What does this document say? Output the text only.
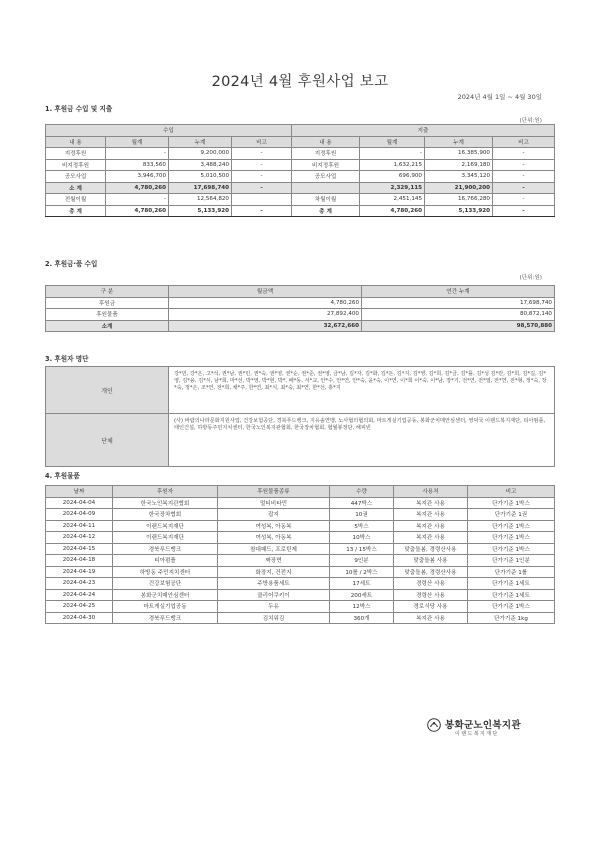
2024년 4월 후원사업 보고
2024년 4월 1일 ~ 4월 30일
1. 후원금 수입 및 지출
(단위:원)
수입				지출			
내 용	월계	누계	비고	내 용	월계	누계	비고
지정후원	-	9,200,000	-	지정후원	-	16,385,900	-
비지정후원	833,560	3,488,240	-	비지정후원	1,632,215	2,169,180	-
공모사업	3,946,700	5,010,500	-	공모사업	696,900	3,345,120	-
소 계	4,780,260	17,698,740	-		2,329,115	21,900,200	-
전월이월	-	12,564,820		차월이월	2,451,145	16,766,280	-
총 계	4,780,260	5,133,920	-	총 계	4,780,260	5,133,920	-
2. 후원금·품 수입
(단위:원)
구 분	월금액	연간 누계
후원금	4,780,260	17,698,740
후원물품	27,892,400	80,872,140
소계	32,672,660	98,570,880
3. 후원자 명단
개인	강*민, 강*은, 고*석, 권*남, 권*민, 권*숙, 권*영, 권*순, 권*준, 권*영, 금*남, 김*자, 김*화, 김*돈, 김*지, 김*영, 김*희, 김*금, 김*률, 김*성 김*란, 김*희, 김*길, 김*영, 김*용, 김*식, 남*희, 마*선, 박*영, 박*현, 박*, 배*동, 서*교, 안*수, 안*연, 안*숙, 윤*숙, 이*연, 이*희 이*숙, 이*남, 장*기, 전*연, 전*열, 전*연, 전*형, 정*숙, 장*숙, 정*은, 조*연, 전*희, 채*주, 한*연, 최*식, 최*숙, 최*연, 한*선, 홍*지
단체	(사) 바람의나라문화지원사업, 건강보험공단, 경북푸드뱅크, 지유솔연맹, 노사협의협의회, 마트게실기업공동, 봉화군치매안심센터, 영덕국 이랜드복지재단, 티아펌플, 태인건설, 하방동주민지치센터, 한국노인복지관협회, 한국장차협회, 협월봉정단, 해피빈
4. 후원물품
날짜	후원자	후원물품종류	수량	사용처	비고
2024-04-04	한국노인복지관협회	멀티비타민	447박스	복지관 사용	단가기준 1박스
2024-04-09	한국장차협회	잡지	10권	복지관 사용	단가기준 1권
2024-04-11	이랜드복지재단	여성복, 아동복	5박스	복지관 사용	단가기준 1박스
2024-04-12	이랜드복지재단	여성복, 아동복	10박스	복지관 사용	단가기준 1박스
2024-04-15	경북푸드뱅크	참대패드, 프로틴제	13 / 15박스	맞춤돌봄, 경령산사용	단가기준 1박스
2024-04-18	티아펌플	짜장면	9인분	맞춤돌봄 사용	단가기준 1인분
2024-04-19	하방동 주민지치센터	화장지, 건전지	10롤 / 2박스	맞춤돌봄, 경령산사용	단가기준 1롤
2024-04-23	건강보험공단	주방용품세트	17세트	경령산 사용	단가기준 1세트
2024-04-24	봉화군치매안심센터	클리어쿠키이	200세트	경령산 사용	단가기준 1세트
2024-04-25	마트게실기업공동	두유	12박스	경로식당 사용	단가기준 1박스
2024-04-30	경북푸드뱅크	김치워김	360개	복지관 사용	단가기준 1kg
봉화군노인복지관
이랜드복지재단
